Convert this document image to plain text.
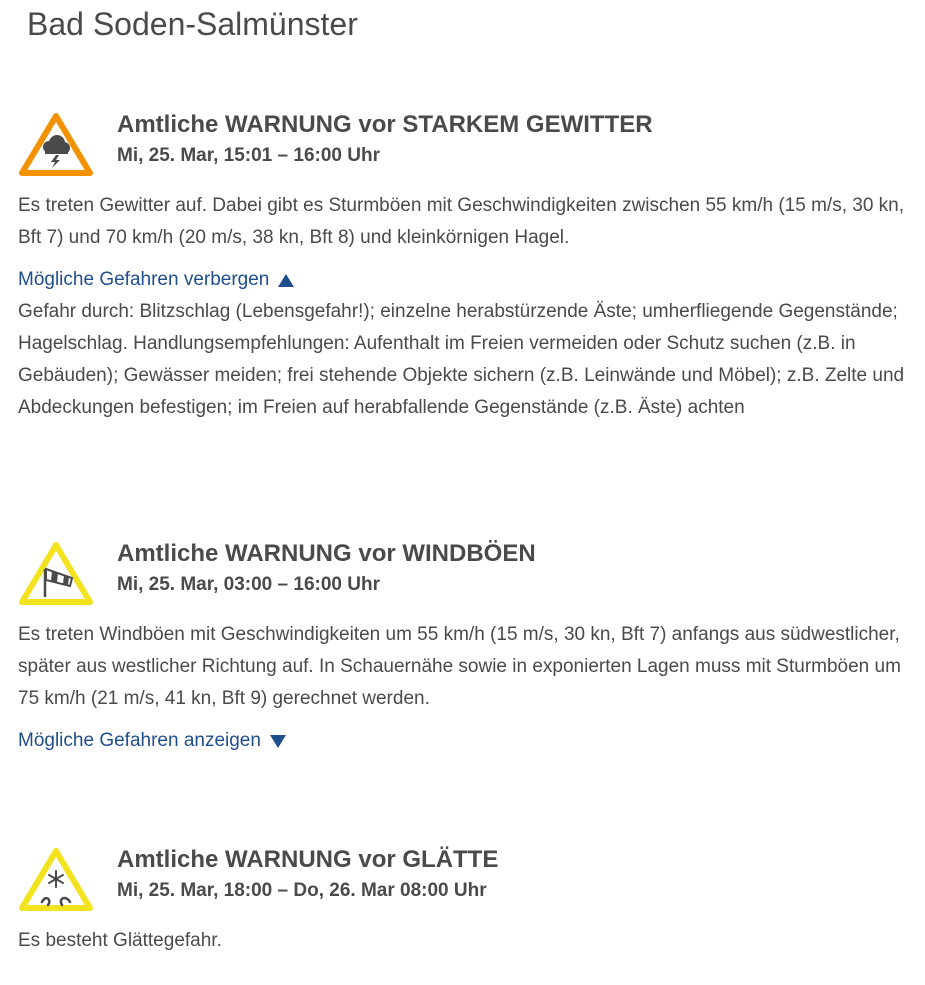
Bad Soden-Salmünster
Amtliche WARNUNG vor STARKEM GEWITTER
Mi, 25. Mar, 15:01 – 16:00 Uhr

Es treten Gewitter auf. Dabei gibt es Sturmböen mit Geschwindigkeiten zwischen 55 km/h (15 m/s, 30 kn, Bft 7) und 70 km/h (20 m/s, 38 kn, Bft 8) und kleinkörnigen Hagel.

Mögliche Gefahren verbergen

Gefahr durch: Blitzschlag (Lebensgefahr!); einzelne herabstürzende Äste; umherfliegende Gegenstände; Hagelschlag. Handlungsempfehlungen: Aufenthalt im Freien vermeiden oder Schutz suchen (z.B. in Gebäuden); Gewässer meiden; frei stehende Objekte sichern (z.B. Leinwände und Möbel); z.B. Zelte und Abdeckungen befestigen; im Freien auf herabfallende Gegenstände (z.B. Äste) achten

Amtliche WARNUNG vor WINDBÖEN
Mi, 25. Mar, 03:00 – 16:00 Uhr

Es treten Windböen mit Geschwindigkeiten um 55 km/h (15 m/s, 30 kn, Bft 7) anfangs aus südwestlicher, später aus westlicher Richtung auf. In Schauernähe sowie in exponierten Lagen muss mit Sturmböen um 75 km/h (21 m/s, 41 kn, Bft 9) gerechnet werden.

Mögliche Gefahren anzeigen
Amtliche WARNUNG vor GLÄTTE
Mi, 25. Mar, 18:00 – Do, 26. Mar 08:00 Uhr

Es besteht Glättegefahr.
